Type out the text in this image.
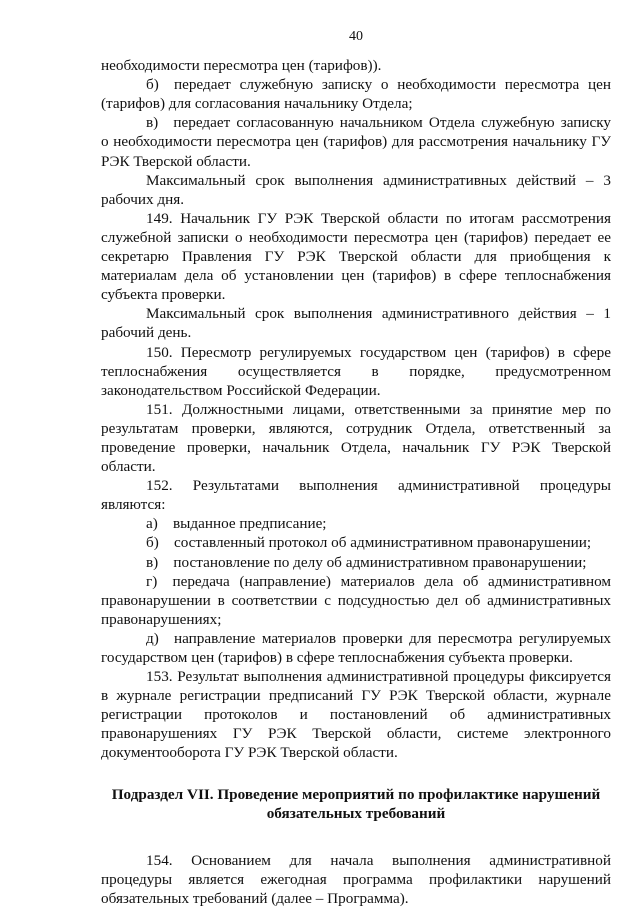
40

необходимости пересмотра цен (тарифов)).

б) передает служебную записку о необходимости пересмотра цен (тарифов) для согласования начальнику Отдела;

в) передает согласованную начальником Отдела служебную записку о необходимости пересмотра цен (тарифов) для рассмотрения начальнику ГУ РЭК Тверской области.

Максимальный срок выполнения административных действий – 3 рабочих дня.

149. Начальник ГУ РЭК Тверской области по итогам рассмотрения служебной записки о необходимости пересмотра цен (тарифов) передает ее секретарю Правления ГУ РЭК Тверской области для приобщения к материалам дела об установлении цен (тарифов) в сфере теплоснабжения субъекта проверки.

Максимальный срок выполнения административного действия – 1 рабочий день.

150. Пересмотр регулируемых государством цен (тарифов) в сфере теплоснабжения осуществляется в порядке, предусмотренном законодательством Российской Федерации.

151. Должностными лицами, ответственными за принятие мер по результатам проверки, являются, сотрудник Отдела, ответственный за проведение проверки, начальник Отдела, начальник ГУ РЭК Тверской области.

152. Результатами выполнения административной процедуры являются:

а) выданное предписание;

б) составленный протокол об административном правонарушении;

в) постановление по делу об административном правонарушении;

г) передача (направление) материалов дела об административном правонарушении в соответствии с подсудностью дел об административных правонарушениях;

д) направление материалов проверки для пересмотра регулируемых государством цен (тарифов) в сфере теплоснабжения субъекта проверки.

153. Результат выполнения административной процедуры фиксируется в журнале регистрации предписаний ГУ РЭК Тверской области, журнале регистрации протоколов и постановлений об административных правонарушениях ГУ РЭК Тверской области, системе электронного документооборота ГУ РЭК Тверской области.

Подраздел VII. Проведение мероприятий по профилактике нарушений обязательных требований

154. Основанием для начала выполнения административной процедуры является ежегодная программа профилактики нарушений обязательных требований (далее – Программа).
